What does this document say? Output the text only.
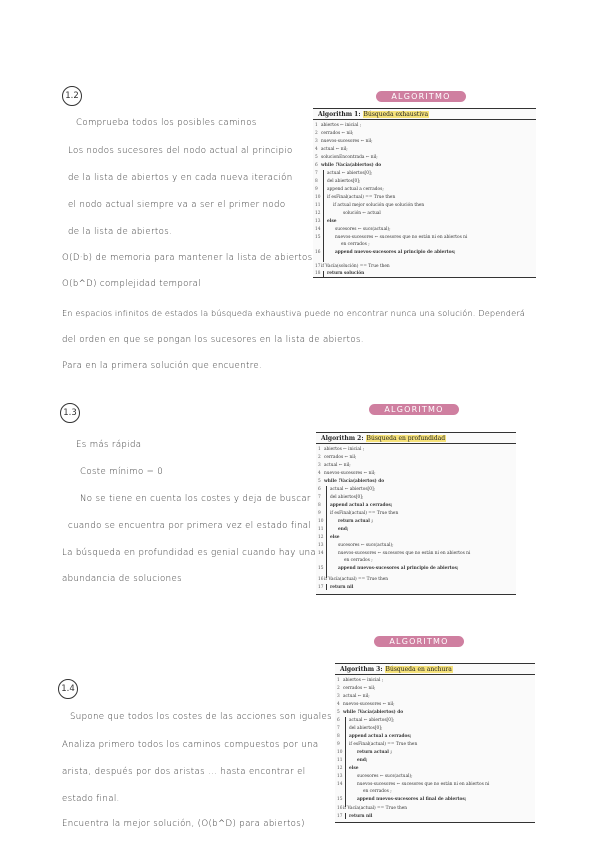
1.2	ALGORITMO
Comprueba todos los posibles caminos
Los nodos sucesores del nodo actual al principio
de la lista de abiertos y en cada nueva iteración
el nodo actual siempre va a ser el primer nodo
de la lista de abiertos.
O(D·b) de memoria para mantener la lista de abiertos
O(b^D) complejidad temporal
En espacios infinitos de estados la búsqueda exhaustiva puede no encontrar nunca una solución. Dependerá
del orden en que se pongan los sucesores en la lista de abiertos.
Para en la primera solución que encuentre.
Algorithm 1: Búsqueda exhaustiva
1 abiertos ← inicial ;
2 cerrados ← nil;
3 nuevos-sucesores ← nil;
4 actual ← nil;
5 solucionEncontrada ← nil;
6 while !Vacía(abiertos) do
7 actual ← abiertos[0];
8 del abiertos[0];
9 append actual a cerrados;
10 if esFinal(actual) == True then
11	if actual mejor solución que solución then
12	solución ← actual
13 else
14	sucesores ← sucs(actual);
15	nuevos-sucesores ← sucesores que no están ni en abiertos ni
en cerrados ;
16	append nuevos-sucesores al principio de abiertos;
17if Vacía(solución) == True then
18 return solución
1.3	ALGORITMO
Es más rápida
Coste mínimo = 0
No se tiene en cuenta los costes y deja de buscar
cuando se encuentra por primera vez el estado final
La búsqueda en profundidad es genial cuando hay una
abundancia de soluciones
Algorithm 2: Búsqueda en profundidad
1 abiertos ← inicial ;
2 cerrados ← nil;
3 actual ← nil;
4 nuevos-sucesores ← nil;
5 while !Vacía(abiertos) do
6 actual ← abiertos[0];
7 del abiertos[0];
8 append actual a cerrados;
9 if esFinal(actual) == True then
10	return actual ;
11	end;
12 else
13	sucesores ← sucs(actual);
14	nuevos-sucesores ← sucesores que no están ni en abiertos ni
en cerrados ;
15	append nuevos-sucesores al principio de abiertos;
16if Vacía(actual) == True then
17 return nil
ALGORITMO
1.4
Supone que todos los costes de las acciones son iguales
Analiza primero todos los caminos compuestos por una
arista, después por dos aristas ... hasta encontrar el
estado final.
Encuentra la mejor solución, (O(b^D) para abiertos)
Algorithm 3: Búsqueda en anchura
1 abiertos ← inicial ;
2 cerrados ← nil;
3 actual ← nil;
4 nuevos-sucesores ← nil;
5 while !Vacía(abiertos) do
6 actual ← abiertos[0];
7 del abiertos[0];
8 append actual a cerrados;
9 if esFinal(actual) == True then
10	return actual ;
11	end;
12 else
13	sucesores ← sucs(actual);
14	nuevos-sucesores ← sucesores que no están ni en abiertos ni
en cerrados ;
15	append nuevos-sucesores al final de abiertos;
16if Vacía(actual) == True then
17 return nil
